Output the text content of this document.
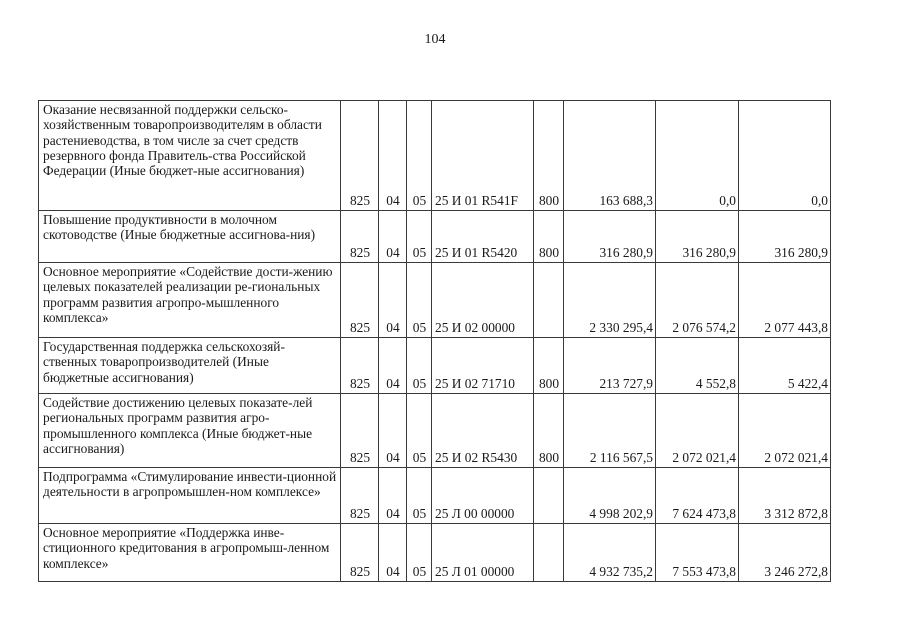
104
Оказание несвязанной поддержки сельско-хозяйственным товаропроизводителям в области растениеводства, в том числе за счет средств резервного фонда Правитель-ства Российской Федерации (Иные бюджет-ные ассигнования)	825	04	05	25 И 01 R541F	800	163 688,3	0,0	0,0
Повышение продуктивности в молочном скотоводстве (Иные бюджетные ассигнова-ния)	825	04	05	25 И 01 R5420	800	316 280,9	316 280,9	316 280,9
Основное мероприятие «Содействие дости-жению целевых показателей реализации ре-гиональных программ развития агропро-мышленного комплекса»	825	04	05	25 И 02 00000		2 330 295,4	2 076 574,2	2 077 443,8
Государственная поддержка сельскохозяй-ственных товаропроизводителей (Иные бюджетные ассигнования)	825	04	05	25 И 02 71710	800	213 727,9	4 552,8	5 422,4
Содействие достижению целевых показате-лей региональных программ развития агро-промышленного комплекса (Иные бюджет-ные ассигнования)	825	04	05	25 И 02 R5430	800	2 116 567,5	2 072 021,4	2 072 021,4
Подпрограмма «Стимулирование инвести-ционной деятельности в агропромышлен-ном комплексе»	825	04	05	25 Л 00 00000		4 998 202,9	7 624 473,8	3 312 872,8
Основное мероприятие «Поддержка инве-стиционного кредитования в агропромыш-ленном комплексе»	825	04	05	25 Л 01 00000		4 932 735,2	7 553 473,8	3 246 272,8
